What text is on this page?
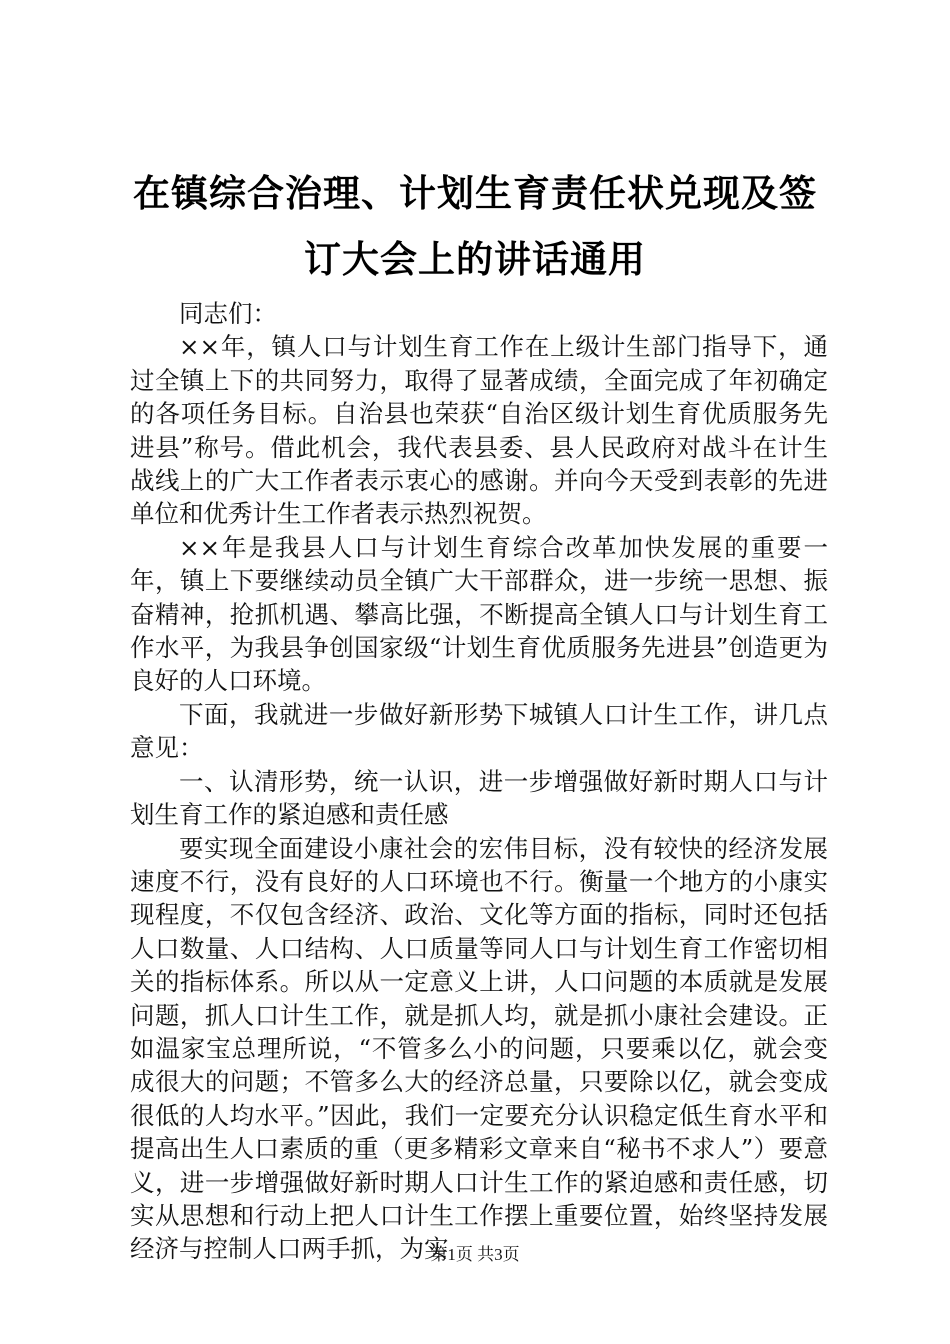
在镇综合治理、计划生育责任状兑现及签订大会上的讲话通用

同志们：

××年，镇人口与计划生育工作在上级计生部门指导下，通过全镇上下的共同努力，取得了显著成绩，全面完成了年初确定的各项任务目标。自治县也荣获“自治区级计划生育优质服务先进县”称号。借此机会，我代表县委、县人民政府对战斗在计生战线上的广大工作者表示衷心的感谢。并向今天受到表彰的先进单位和优秀计生工作者表示热烈祝贺。

××年是我县人口与计划生育综合改革加快发展的重要一年，镇上下要继续动员全镇广大干部群众，进一步统一思想、振奋精神，抢抓机遇、攀高比强，不断提高全镇人口与计划生育工作水平，为我县争创国家级“计划生育优质服务先进县”创造更为良好的人口环境。

下面，我就进一步做好新形势下城镇人口计生工作，讲几点意见：

一、认清形势，统一认识，进一步增强做好新时期人口与计划生育工作的紧迫感和责任感

要实现全面建设小康社会的宏伟目标，没有较快的经济发展速度不行，没有良好的人口环境也不行。衡量一个地方的小康实现程度，不仅包含经济、政治、文化等方面的指标，同时还包括人口数量、人口结构、人口质量等同人口与计划生育工作密切相关的指标体系。所以从一定意义上讲，人口问题的本质就是发展问题，抓人口计生工作，就是抓人均，就是抓小康社会建设。正如温家宝总理所说，“不管多么小的问题，只要乘以亿，就会变成很大的问题；不管多么大的经济总量，只要除以亿，就会变成很低的人均水平。”因此，我们一定要充分认识稳定低生育水平和提高出生人口素质的重（更多精彩文章来自“秘书不求人”）要意义，进一步增强做好新时期人口计生工作的紧迫感和责任感，切实从思想和行动上把人口计生工作摆上重要位置，始终坚持发展经济与控制人口两手抓，为实

第1页 共3页
